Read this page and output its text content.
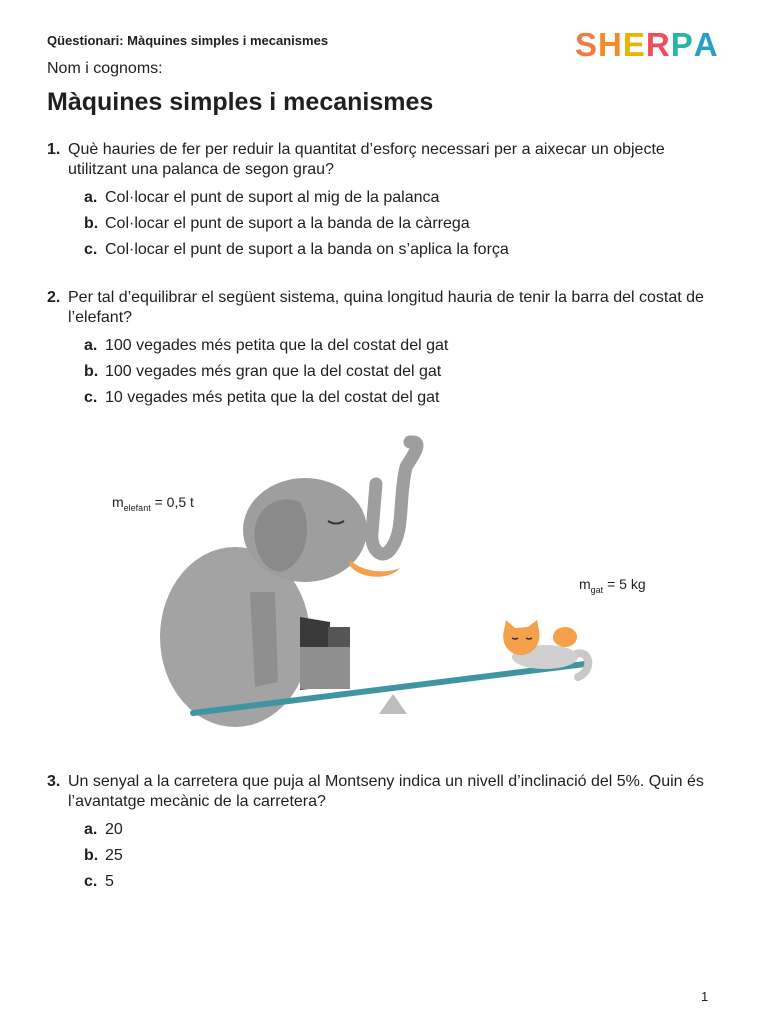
Qüestionari: Màquines simples i mecanismes	SHERPA
Nom i cognoms:
Màquines simples i mecanismes
1. Què hauries de fer per reduir la quantitat d’esforç necessari per a aixecar un objecte utilitzant una palanca de segon grau?
a. Col·locar el punt de suport al mig de la palanca
b. Col·locar el punt de suport a la banda de la càrrega
c. Col·locar el punt de suport a la banda on s’aplica la força
2. Per tal d’equilibrar el següent sistema, quina longitud hauria de tenir la barra del costat de l’elefant?
a. 100 vegades més petita que la del costat del gat
b. 100 vegades més gran que la del costat del gat
c. 10 vegades més petita que la del costat del gat
$m_{elefant} = 0,5$ t
$m_{gat} = 5$ kg
3. Un senyal a la carretera que puja al Montseny indica un nivell d’inclinació del 5%. Quin és l’avantatge mecànic de la carretera?
a. 20
b. 25
c. 5
1
